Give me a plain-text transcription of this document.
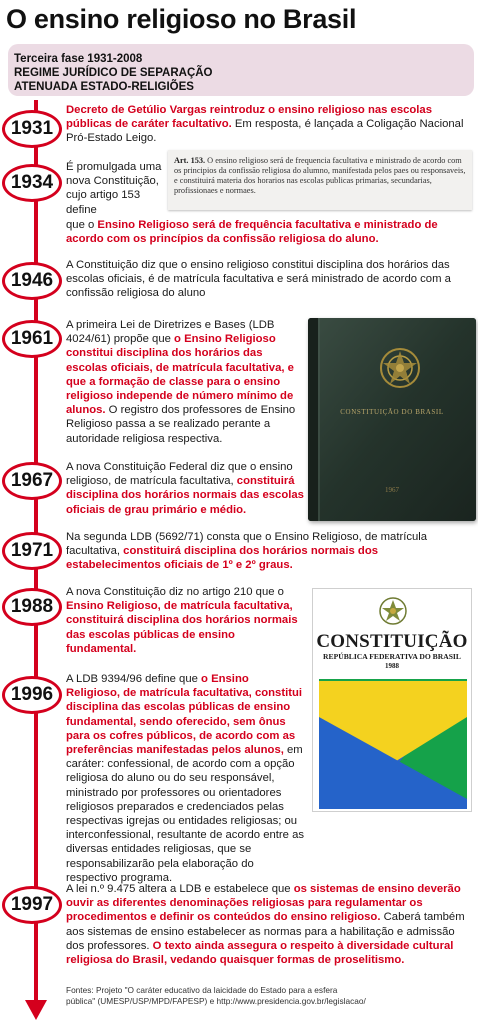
O ensino religioso no Brasil
Terceira fase 1931-2008
REGIME JURÍDICO DE SEPARAÇÃO
ATENUADA ESTADO-RELIGIÕES
1931
Decreto de Getúlio Vargas reintroduz o ensino religioso nas escolas públicas de caráter facultativo. Em resposta, é lançada a Coligação Nacional Pró-Estado Leigo.
1934
É promulgada uma nova Constituição, cujo artigo 153 define
que o Ensino Religioso será de frequência facultativa e ministrado de acordo com os princípios da confissão religiosa do aluno.
Art. 153. O ensino religioso será de frequencia facultativa e ministrado de acordo com os principios da confissão religiosa do alumno, manifestada pelos paes ou responsaveis, e constituirá materia dos horarios nas escolas publicas primarias, secundarias, profissionaes e normaes.
1946
A Constituição diz que o ensino religioso constitui disciplina dos horários das escolas oficiais, é de matrícula facultativa e será ministrado de acordo com a confissão religiosa do aluno
1961
A primeira Lei de Diretrizes e Bases (LDB 4024/61) propõe que o Ensino Religioso constitui disciplina dos horários das escolas oficiais, de matrícula facultativa, e que a formação de classe para o ensino religioso independe de número mínimo de alunos. O registro dos professores de Ensino Religioso passa a se realizado perante a autoridade religiosa respectiva.
CONSTITUIÇÃO DO BRASIL
1967
1967
A nova Constituição Federal diz que o ensino religioso, de matrícula facultativa, constituirá disciplina dos horários normais das escolas oficiais de grau primário e médio.
1971
Na segunda LDB (5692/71) consta que o Ensino Religioso, de matrícula facultativa, constituirá disciplina dos horários normais dos estabelecimentos oficiais de 1º e 2º graus.
1988
A nova Constituição diz no artigo 210 que o Ensino Religioso, de matrícula facultativa, constituirá disciplina dos horários normais das escolas públicas de ensino fundamental.	CONSTITUIÇÃO
REPÚBLICA FEDERATIVA DO BRASIL
1988
1996
A LDB 9394/96 define que o Ensino Religioso, de matrícula facultativa, constitui disciplina das escolas públicas de ensino fundamental, sendo oferecido, sem ônus para os cofres públicos, de acordo com as preferências manifestadas pelos alunos, em caráter: confessional, de acordo com a opção religiosa do aluno ou do seu responsável, ministrado por professores ou orientadores religiosos preparados e credenciados pelas respectivas igrejas ou entidades religiosas; ou interconfessional, resultante de acordo entre as diversas entidades religiosas, que se responsabilizarão pela elaboração do respectivo programa.
1997
A lei n.º 9.475 altera a LDB e estabelece que os sistemas de ensino deverão ouvir as diferentes denominações religiosas para regulamentar os procedimentos e definir os conteúdos do ensino religioso. Caberá também aos sistemas de ensino estabelecer as normas para a habilitação e admissão dos professores. O texto ainda assegura o respeito à diversidade cultural religiosa do Brasil, vedando quaisquer formas de proselitismo.
Fontes: Projeto "O caráter educativo da laicidade do Estado para a esfera
pública" (UMESP/USP/MPD/FAPESP) e http://www.presidencia.gov.br/legislacao/
